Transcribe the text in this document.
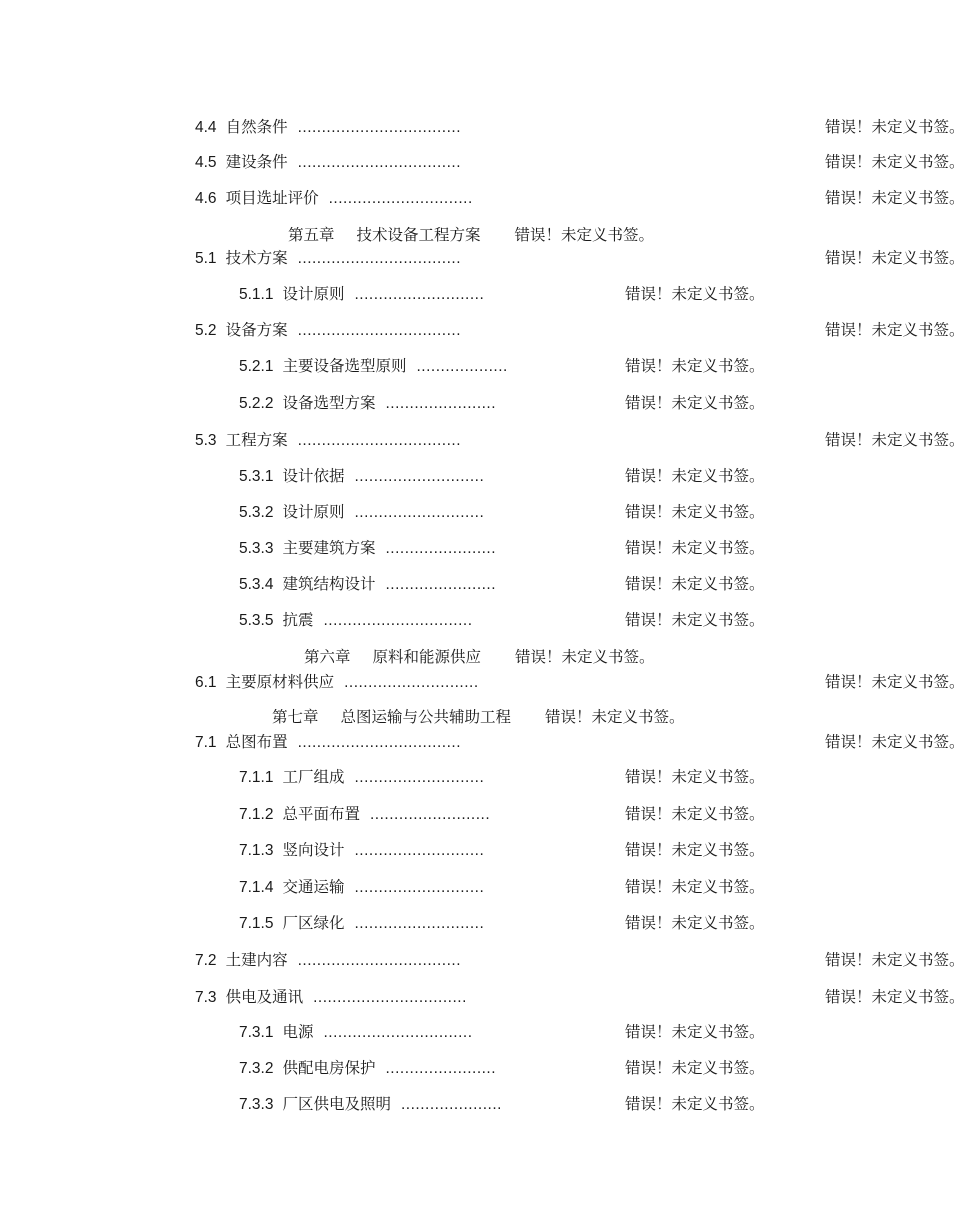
4.4 自然条件 ..................................	错误！未定义书签。
4.5 建设条件 ..................................	错误！未定义书签。
4.6 项目选址评价 ..............................	错误！未定义书签。
第五章 技术设备工程方案 错误！未定义书签。
5.1 技术方案 ..................................	错误！未定义书签。
5.1.1 设计原则 ...........................	错误！未定义书签。
5.2 设备方案 ..................................	错误！未定义书签。
5.2.1 主要设备选型原则 ...................	错误！未定义书签。
5.2.2 设备选型方案 .......................	错误！未定义书签。
5.3 工程方案 ..................................	错误！未定义书签。
5.3.1 设计依据 ...........................	错误！未定义书签。
5.3.2 设计原则 ...........................	错误！未定义书签。
5.3.3 主要建筑方案 .......................	错误！未定义书签。
5.3.4 建筑结构设计 .......................	错误！未定义书签。
5.3.5 抗震 ...............................	错误！未定义书签。
第六章 原料和能源供应 错误！未定义书签。
6.1 主要原材料供应 ............................	错误！未定义书签。
第七章 总图运输与公共辅助工程 错误！未定义书签。
7.1 总图布置 ..................................	错误！未定义书签。
7.1.1 工厂组成 ...........................	错误！未定义书签。
7.1.2 总平面布置 .........................	错误！未定义书签。
7.1.3 竖向设计 ...........................	错误！未定义书签。
7.1.4 交通运输 ...........................	错误！未定义书签。
7.1.5 厂区绿化 ...........................	错误！未定义书签。
7.2 土建内容 ..................................	错误！未定义书签。
7.3 供电及通讯 ................................	错误！未定义书签。
7.3.1 电源 ...............................	错误！未定义书签。
7.3.2 供配电房保护 .......................	错误！未定义书签。
7.3.3 厂区供电及照明 .....................	错误！未定义书签。
